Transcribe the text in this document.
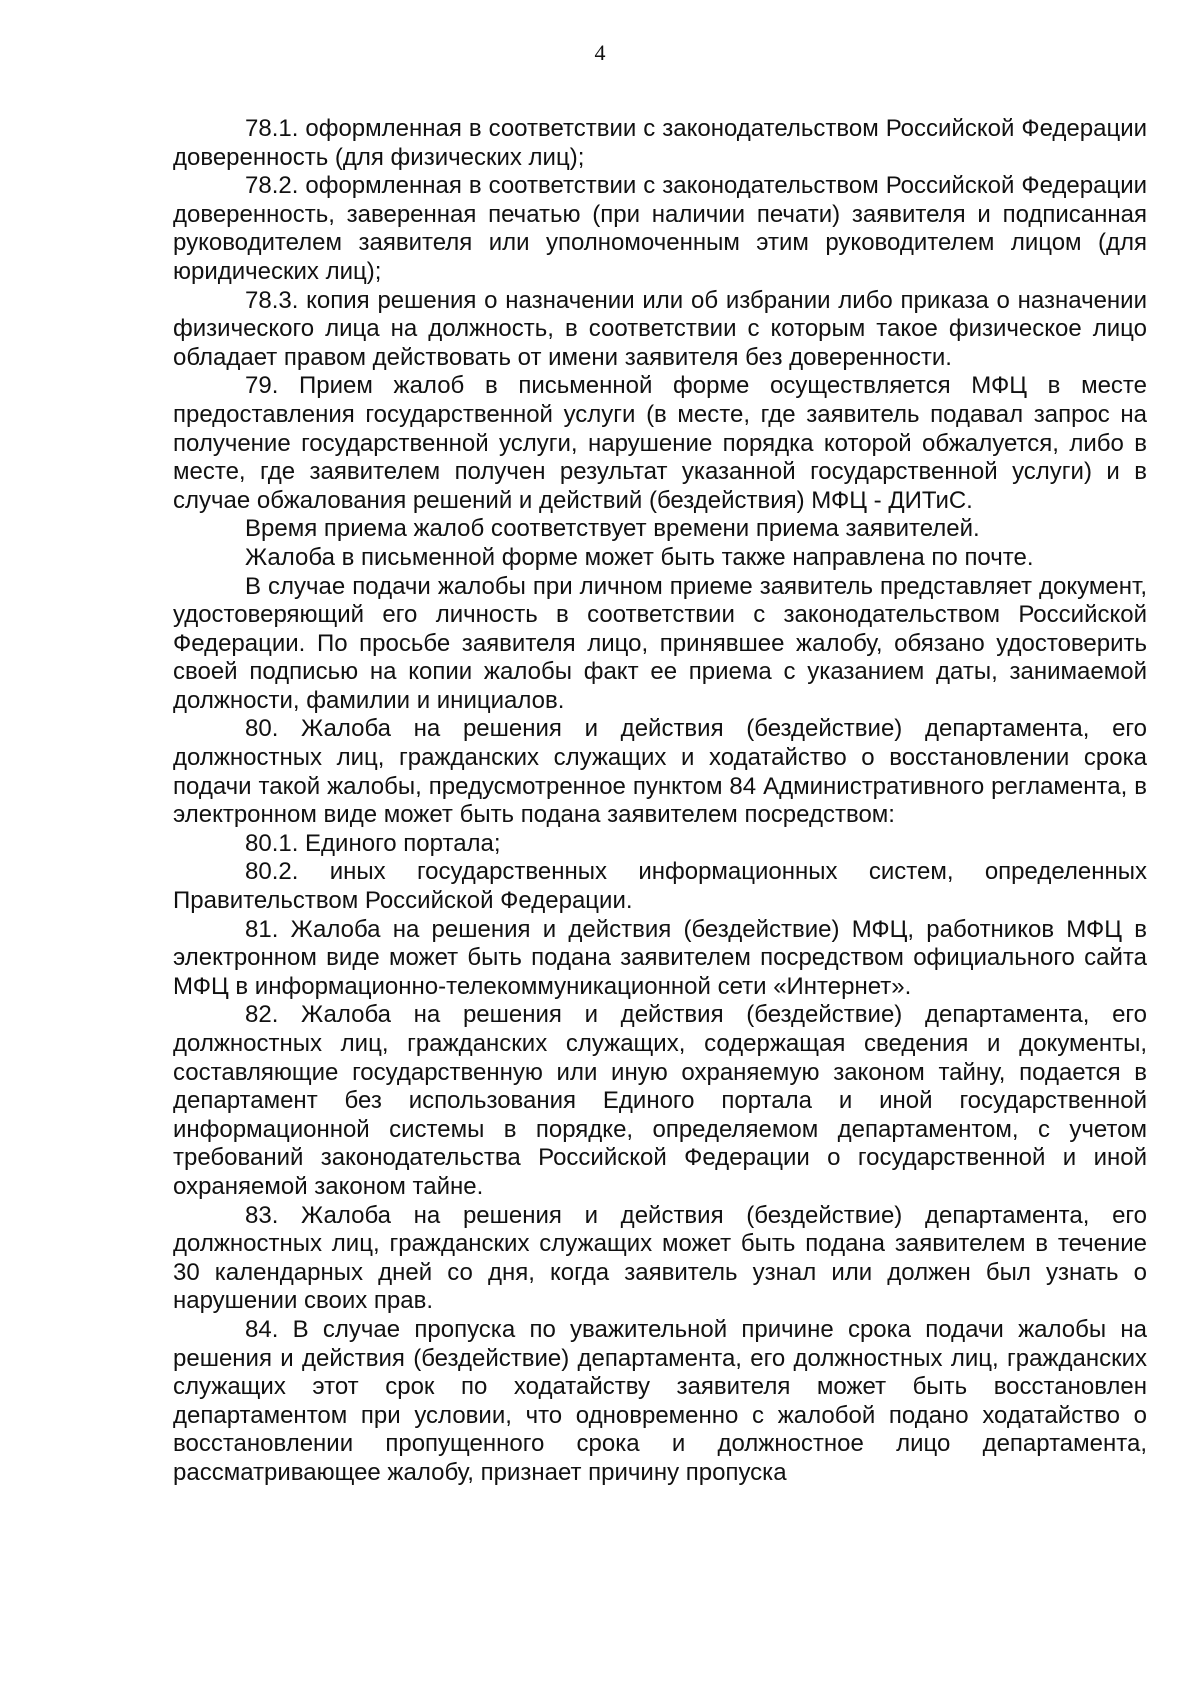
4

78.1. оформленная в соответствии с законодательством Российской Федерации доверенность (для физических лиц);

78.2. оформленная в соответствии с законодательством Российской Федерации доверенность, заверенная печатью (при наличии печати) заявителя и подписанная руководителем заявителя или уполномоченным этим руководителем лицом (для юридических лиц);

78.3. копия решения о назначении или об избрании либо приказа о назначении физического лица на должность, в соответствии с которым такое физическое лицо обладает правом действовать от имени заявителя без доверенности.

79. Прием жалоб в письменной форме осуществляется МФЦ в месте предоставления государственной услуги (в месте, где заявитель подавал запрос на получение государственной услуги, нарушение порядка которой обжалуется, либо в месте, где заявителем получен результат указанной государственной услуги) и в случае обжалования решений и действий (бездействия) МФЦ - ДИТиС.

Время приема жалоб соответствует времени приема заявителей.

Жалоба в письменной форме может быть также направлена по почте.

В случае подачи жалобы при личном приеме заявитель представляет документ, удостоверяющий его личность в соответствии с законодательством Российской Федерации. По просьбе заявителя лицо, принявшее жалобу, обязано удостоверить своей подписью на копии жалобы факт ее приема с указанием даты, занимаемой должности, фамилии и инициалов.

80. Жалоба на решения и действия (бездействие) департамента, его должностных лиц, гражданских служащих и ходатайство о восстановлении срока подачи такой жалобы, предусмотренное пунктом 84 Административного регламента, в электронном виде может быть подана заявителем посредством:

80.1. Единого портала;

80.2. иных государственных информационных систем, определенных Правительством Российской Федерации.

81. Жалоба на решения и действия (бездействие) МФЦ, работников МФЦ в электронном виде может быть подана заявителем посредством официального сайта МФЦ в информационно-телекоммуникационной сети «Интернет».

82. Жалоба на решения и действия (бездействие) департамента, его должностных лиц, гражданских служащих, содержащая сведения и документы, составляющие государственную или иную охраняемую законом тайну, подается в департамент без использования Единого портала и иной государственной информационной системы в порядке, определяемом департаментом, с учетом требований законодательства Российской Федерации о государственной и иной охраняемой законом тайне.

83. Жалоба на решения и действия (бездействие) департамента, его должностных лиц, гражданских служащих может быть подана заявителем в течение 30 календарных дней со дня, когда заявитель узнал или должен был узнать о нарушении своих прав.

84. В случае пропуска по уважительной причине срока подачи жалобы на решения и действия (бездействие) департамента, его должностных лиц, гражданских служащих этот срок по ходатайству заявителя может быть восстановлен департаментом при условии, что одновременно с жалобой подано ходатайство о восстановлении пропущенного срока и должностное лицо департамента, рассматривающее жалобу, признает причину пропуска
